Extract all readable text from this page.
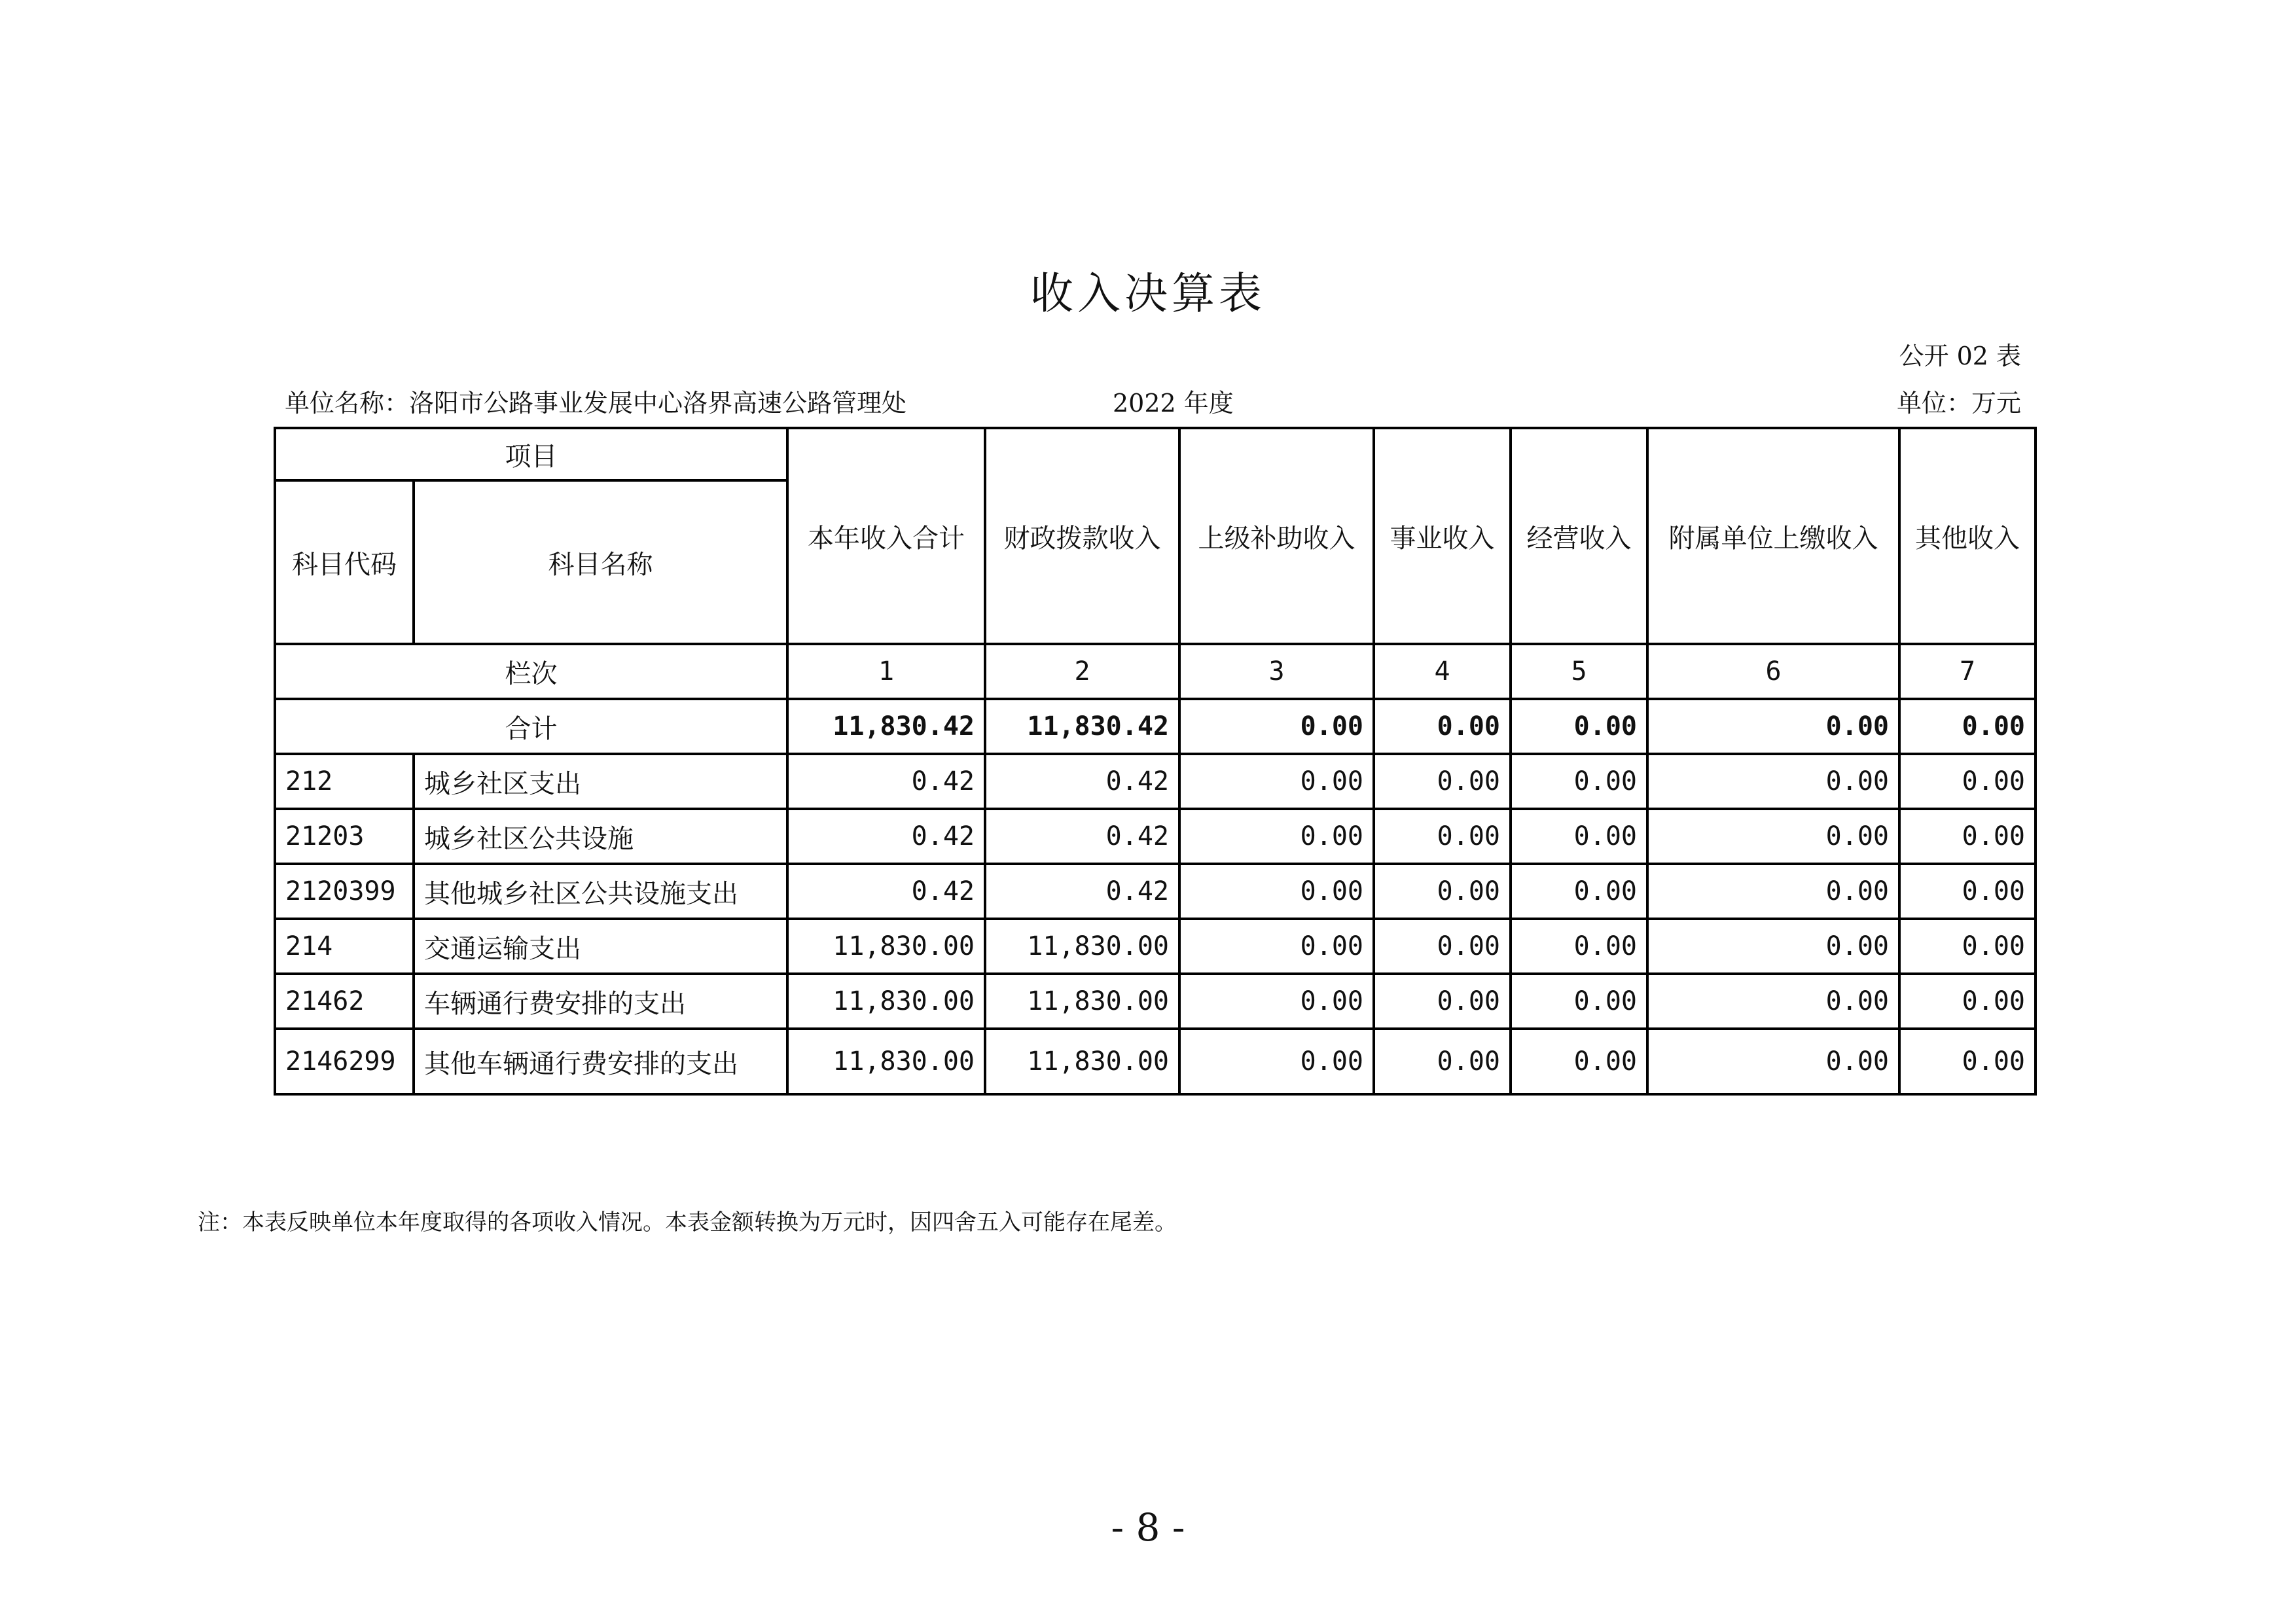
收入决算表
公开 02 表
单位名称：洛阳市公路事业发展中心洛界高速公路管理处	2022 年度	单位：万元
项目		本年收入合计	财政拨款收入	上级补助收入	事业收入	经营收入	附属单位上缴收入	其他收入
科目代码	科目名称							
栏次		1	2	3	4	5	6	7
合计		11,830.42	11,830.42	0.00	0.00	0.00	0.00	0.00
212	城乡社区支出	0.42	0.42	0.00	0.00	0.00	0.00	0.00
21203	城乡社区公共设施	0.42	0.42	0.00	0.00	0.00	0.00	0.00
2120399	其他城乡社区公共设施支出	0.42	0.42	0.00	0.00	0.00	0.00	0.00
214	交通运输支出	11,830.00	11,830.00	0.00	0.00	0.00	0.00	0.00
21462	车辆通行费安排的支出	11,830.00	11,830.00	0.00	0.00	0.00	0.00	0.00
2146299	其他车辆通行费安排的支出	11,830.00	11,830.00	0.00	0.00	0.00	0.00	0.00
注：本表反映单位本年度取得的各项收入情况。本表金额转换为万元时，因四舍五入可能存在尾差。
- 8 -
